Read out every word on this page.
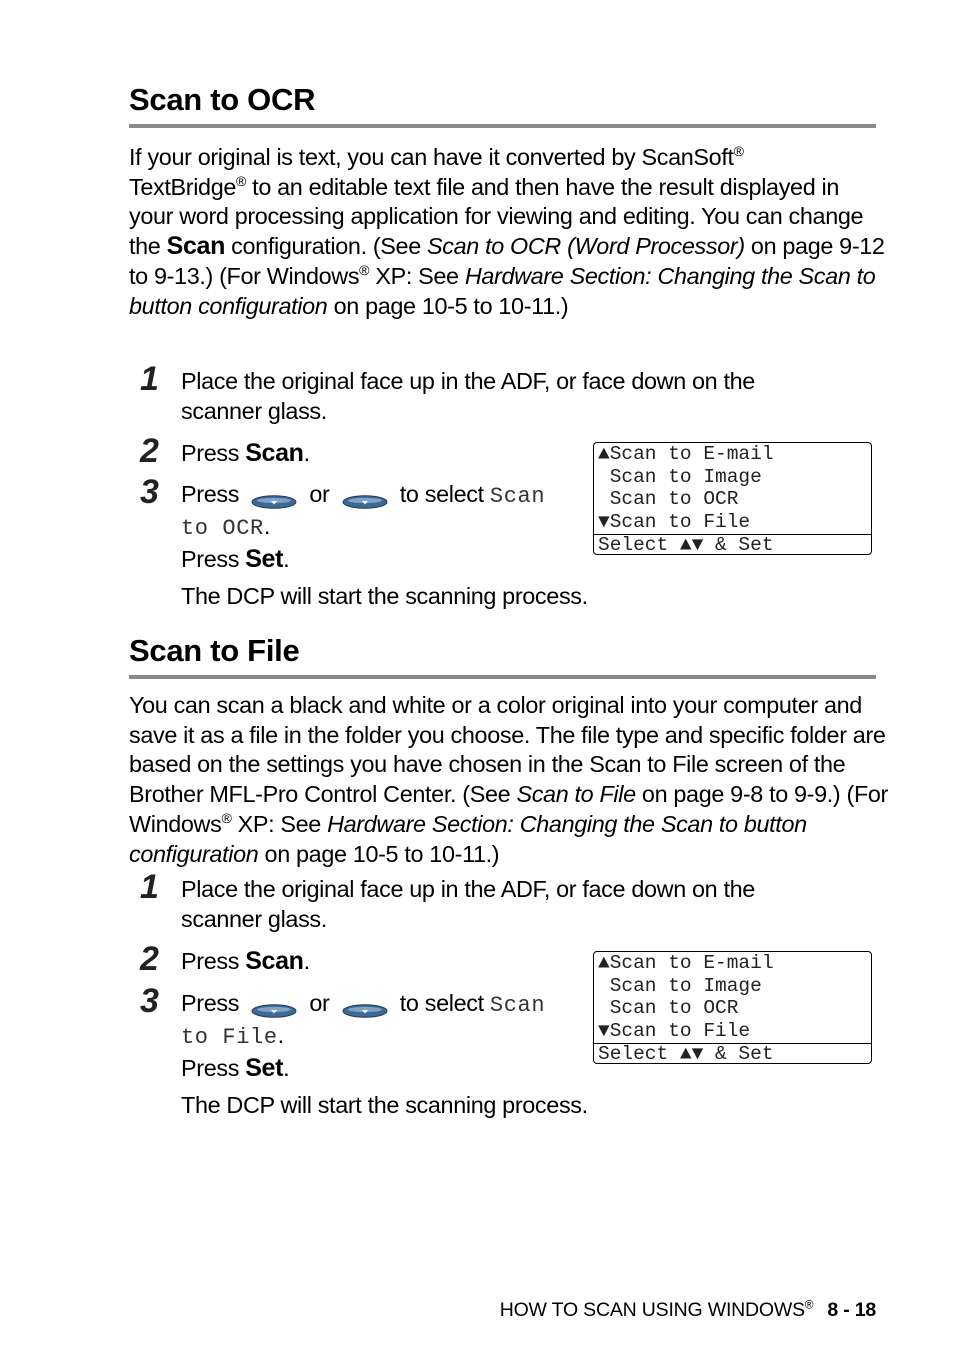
Scan to OCR

If your original is text, you can have it converted by ScanSoft®
TextBridge® to an editable text file and then have the result displayed in your word processing application for viewing and editing. You can change the Scan configuration. (See Scan to OCR (Word Processor) on page 9-12 to 9-13.) (For Windows® XP: See Hardware Section: Changing the Scan to button configuration on page 10-5 to 10-11.)

1 Place the original face up in the ADF, or face down on the scanner glass.

2 Press Scan.

3 Press	or	to select Scan to OCR.

Press Set.

The DCP will start the scanning process.

▲Scan to E-mail
Scan to Image
Scan to OCR
▼Scan to File
Select ▲▼ & Set
Scan to File

You can scan a black and white or a color original into your computer and save it as a file in the folder you choose. The file type and specific folder are based on the settings you have chosen in the Scan to File screen of the Brother MFL-Pro Control Center. (See Scan to File on page 9-8 to 9-9.) (For Windows® XP: See Hardware Section: Changing the Scan to button configuration on page 10-5 to 10-11.)

1 Place the original face up in the ADF, or face down on the scanner glass.

2 Press Scan.

3 Press	or	to select Scan to File.

Press Set.

The DCP will start the scanning process.

▲Scan to E-mail
Scan to Image
Scan to OCR
▼Scan to File
Select ▲▼ & Set
HOW TO SCAN USING WINDOWS® 8 - 18
